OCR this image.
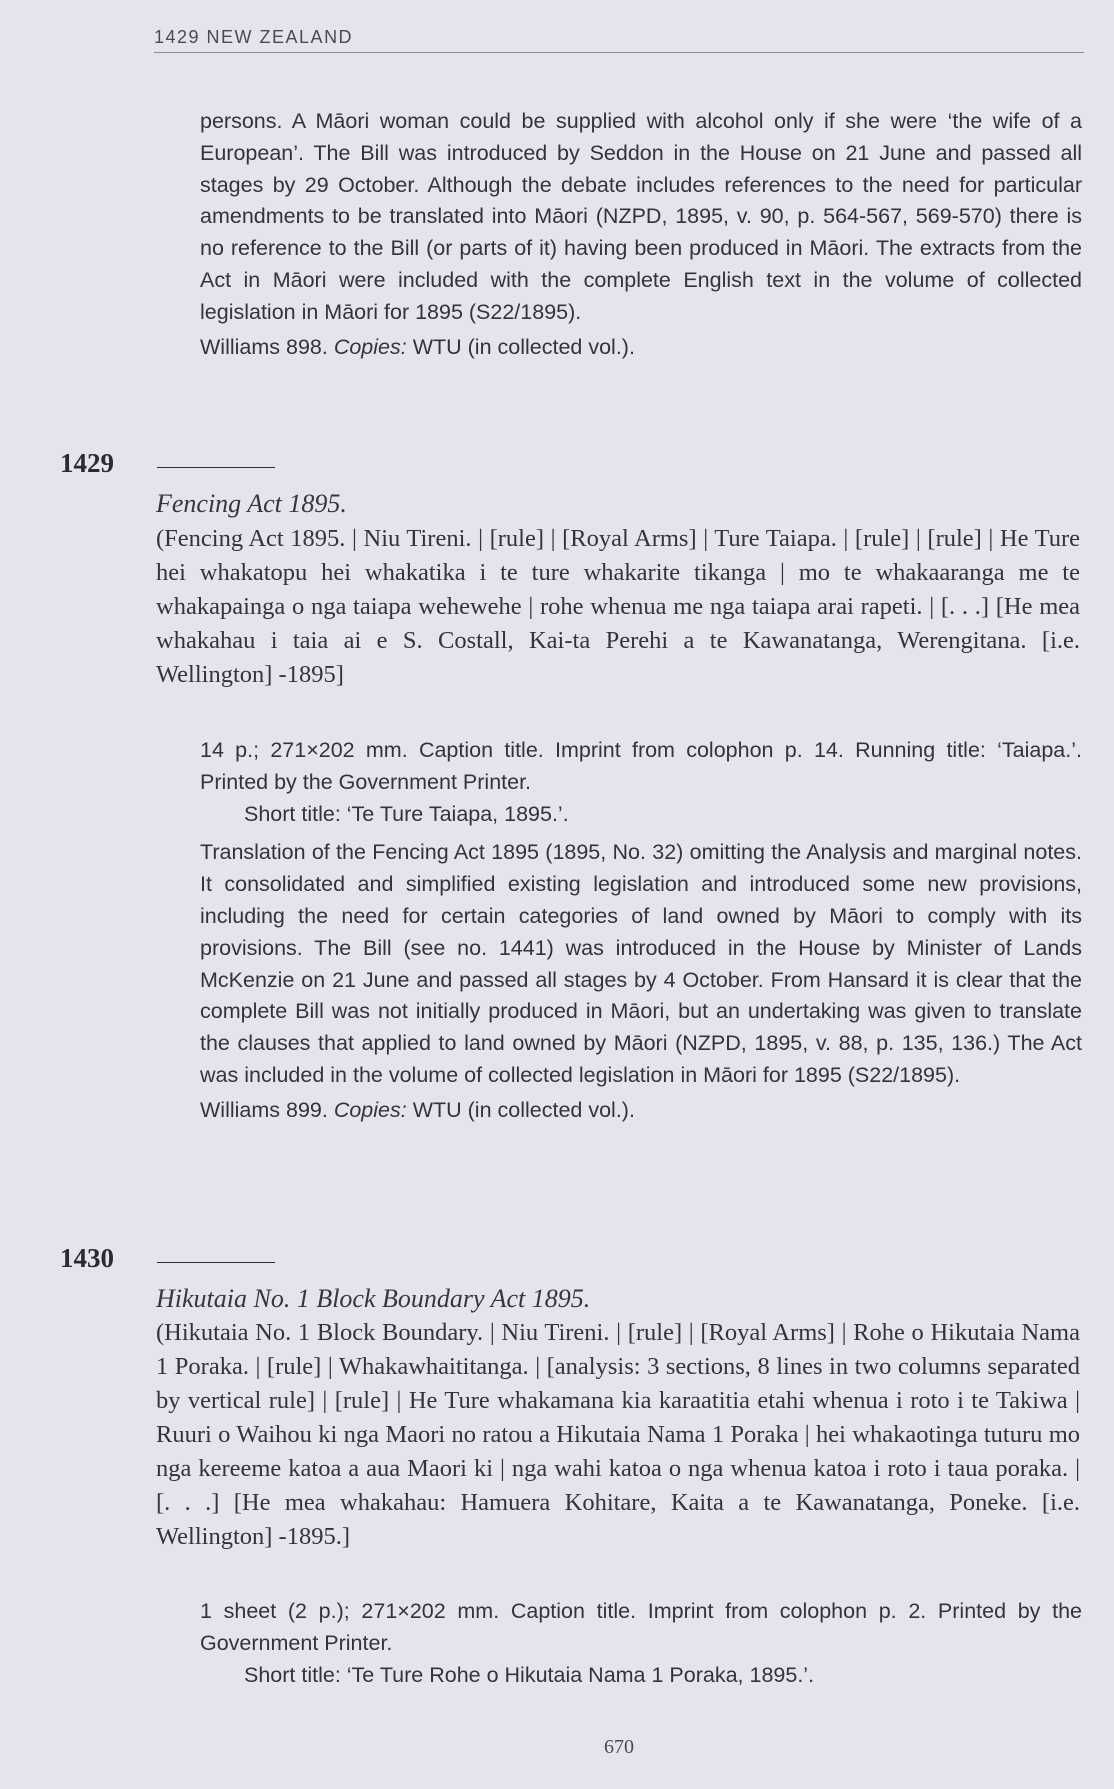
1429 NEW ZEALAND

persons. A Māori woman could be supplied with alcohol only if she were ‘the wife of a European’. The Bill was introduced by Seddon in the House on 21 June and passed all stages by 29 October. Although the debate includes references to the need for particular amendments to be translated into Māori (NZPD, 1895, v. 90, p. 564-567, 569-570) there is no reference to the Bill (or parts of it) having been produced in Māori. The extracts from the Act in Māori were included with the complete English text in the volume of collected legislation in Māori for 1895 (S22/1895).

Williams 898. Copies: WTU (in collected vol.).

1429
Fencing Act 1895.

(Fencing Act 1895. | Niu Tireni. | [rule] | [Royal Arms] | Ture Taiapa. | [rule] | [rule] | He Ture hei whakatopu hei whakatika i te ture whakarite tikanga | mo te whakaaranga me te whakapainga o nga taiapa wehewehe | rohe whenua me nga taiapa arai rapeti. | [. . .] [He mea whakahau i taia ai e S. Costall, Kai-ta Perehi a te Kawanatanga, Werengitana. [i.e. Wellington] -1895]

14 p.; 271×202 mm. Caption title. Imprint from colophon p. 14. Running title: ‘Taiapa.’. Printed by the Government Printer.

Short title: ‘Te Ture Taiapa, 1895.’.

Translation of the Fencing Act 1895 (1895, No. 32) omitting the Analysis and marginal notes. It consolidated and simplified existing legislation and introduced some new provisions, including the need for certain categories of land owned by Māori to comply with its provisions. The Bill (see no. 1441) was introduced in the House by Minister of Lands McKenzie on 21 June and passed all stages by 4 October. From Hansard it is clear that the complete Bill was not initially produced in Māori, but an undertaking was given to translate the clauses that applied to land owned by Māori (NZPD, 1895, v. 88, p. 135, 136.) The Act was included in the volume of collected legislation in Māori for 1895 (S22/1895).

Williams 899. Copies: WTU (in collected vol.).

1430
Hikutaia No. 1 Block Boundary Act 1895.

(Hikutaia No. 1 Block Boundary. | Niu Tireni. | [rule] | [Royal Arms] | Rohe o Hikutaia Nama 1 Poraka. | [rule] | Whakawhaititanga. | [analysis: 3 sections, 8 lines in two columns separated by vertical rule] | [rule] | He Ture whakamana kia karaatitia etahi whenua i roto i te Takiwa | Ruuri o Waihou ki nga Maori no ratou a Hikutaia Nama 1 Poraka | hei whakaotinga tuturu mo nga kereeme katoa a aua Maori ki | nga wahi katoa o nga whenua katoa i roto i taua poraka. | [. . .] [He mea whakahau: Hamuera Kohitare, Kaita a te Kawanatanga, Poneke. [i.e. Wellington] -1895.]

1 sheet (2 p.); 271×202 mm. Caption title. Imprint from colophon p. 2. Printed by the Government Printer.

Short title: ‘Te Ture Rohe o Hikutaia Nama 1 Poraka, 1895.’.

670
